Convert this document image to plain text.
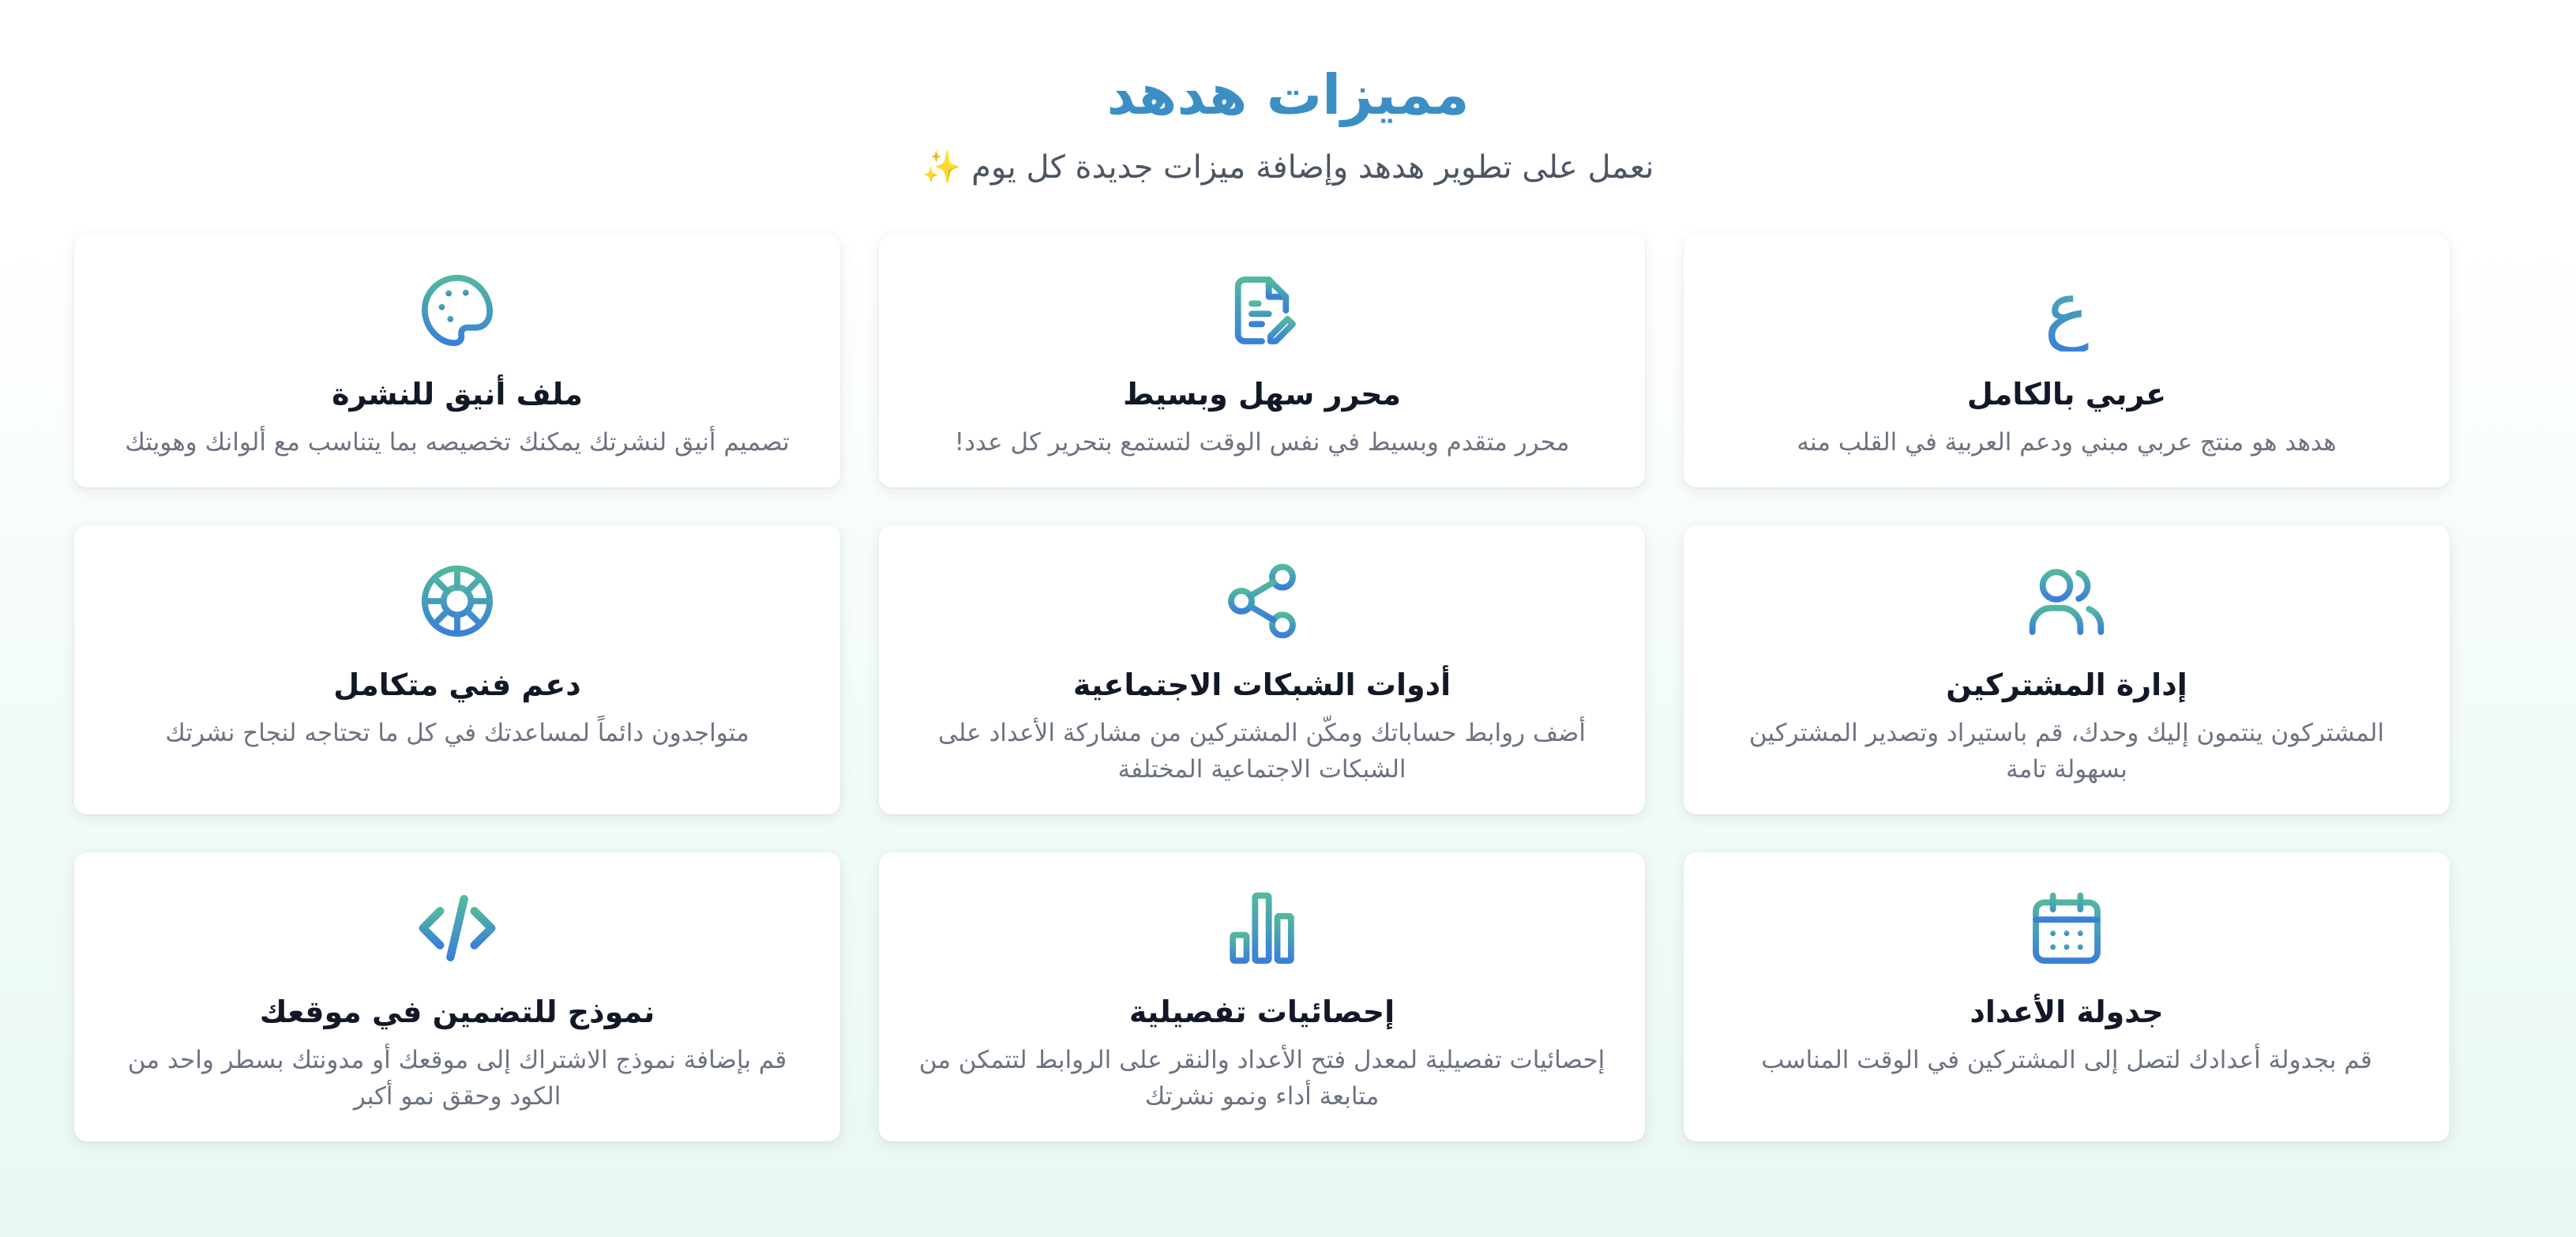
مميزات هدهد

نعمل على تطوير هدهد وإضافة ميزات جديدة كل يوم ✨

ع
عربي بالكامل

هدهد هو منتج عربي مبني ودعم العربية في القلب منه

محرر سهل وبسيط

محرر متقدم وبسيط في نفس الوقت لتستمع بتحرير كل عدد!

ملف أنيق للنشرة

تصميم أنيق لنشرتك يمكنك تخصيصه بما يتناسب مع ألوانك وهويتك

إدارة المشتركين

المشتركون ينتمون إليك وحدك، قم باستيراد وتصدير المشتركين بسهولة تامة

أدوات الشبكات الاجتماعية

أضف روابط حساباتك ومكّن المشتركين من مشاركة الأعداد على الشبكات الاجتماعية المختلفة

دعم فني متكامل

متواجدون دائماً لمساعدتك في كل ما تحتاجه لنجاح نشرتك

جدولة الأعداد

قم بجدولة أعدادك لتصل إلى المشتركين في الوقت المناسب

إحصائيات تفصيلية

إحصائيات تفصيلية لمعدل فتح الأعداد والنقر على الروابط لتتمكن من متابعة أداء ونمو نشرتك

نموذج للتضمين في موقعك

قم بإضافة نموذج الاشتراك إلى موقعك أو مدونتك بسطر واحد من الكود وحقق نمو أكبر
